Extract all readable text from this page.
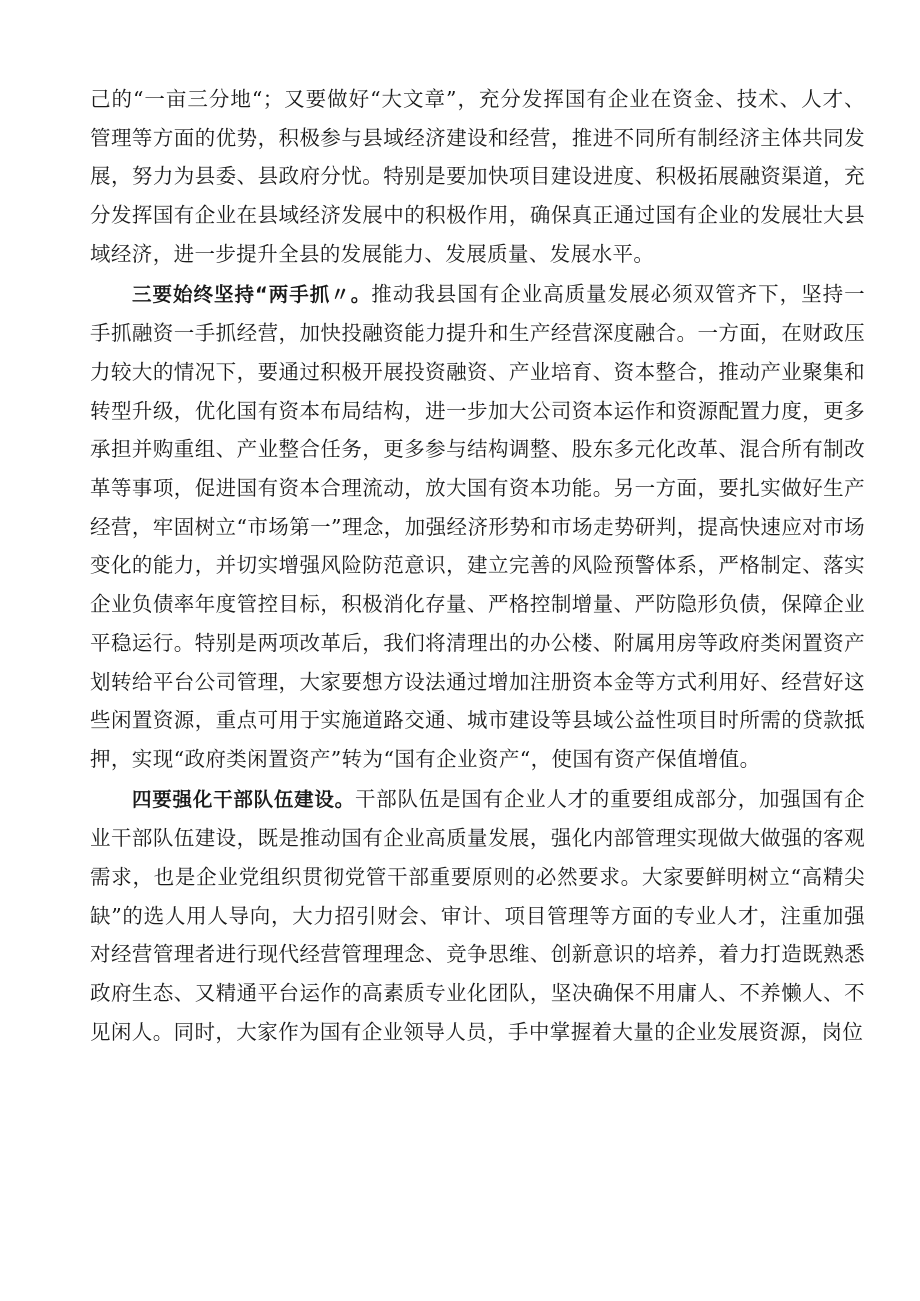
己的“一亩三分地“；又要做好“大文章”，充分发挥国有企业在资金、技术、人才、管理等方面的优势，积极参与县域经济建设和经营，推进不同所有制经济主体共同发展，努力为县委、县政府分忧。特别是要加快项目建设进度、积极拓展融资渠道，充分发挥国有企业在县域经济发展中的积极作用，确保真正通过国有企业的发展壮大县域经济，进一步提升全县的发展能力、发展质量、发展水平。

三要始终坚持“两手抓〃。推动我县国有企业高质量发展必须双管齐下，坚持一手抓融资一手抓经营，加快投融资能力提升和生产经营深度融合。一方面，在财政压力较大的情况下，要通过积极开展投资融资、产业培育、资本整合，推动产业聚集和转型升级，优化国有资本布局结构，进一步加大公司资本运作和资源配置力度，更多承担并购重组、产业整合任务，更多参与结构调整、股东多元化改革、混合所有制改革等事项，促进国有资本合理流动，放大国有资本功能。另一方面，要扎实做好生产经营，牢固树立“市场第一”理念，加强经济形势和市场走势研判，提高快速应对市场变化的能力，并切实增强风险防范意识，建立完善的风险预警体系，严格制定、落实企业负债率年度管控目标，积极消化存量、严格控制增量、严防隐形负债，保障企业平稳运行。特别是两项改革后，我们将清理出的办公楼、附属用房等政府类闲置资产划转给平台公司管理，大家要想方设法通过增加注册资本金等方式利用好、经营好这些闲置资源，重点可用于实施道路交通、城市建设等县域公益性项目时所需的贷款抵押，实现“政府类闲置资产”转为“国有企业资产“，使国有资产保值增值。

四要强化干部队伍建设。干部队伍是国有企业人才的重要组成部分，加强国有企业干部队伍建设，既是推动国有企业高质量发展，强化内部管理实现做大做强的客观需求，也是企业党组织贯彻党管干部重要原则的必然要求。大家要鲜明树立“高精尖缺”的选人用人导向，大力招引财会、审计、项目管理等方面的专业人才，注重加强对经营管理者进行现代经营管理理念、竞争思维、创新意识的培养，着力打造既熟悉政府生态、又精通平台运作的高素质专业化团队，坚决确保不用庸人、不养懒人、不见闲人。同时，大家作为国有企业领导人员，手中掌握着大量的企业发展资源，岗位
